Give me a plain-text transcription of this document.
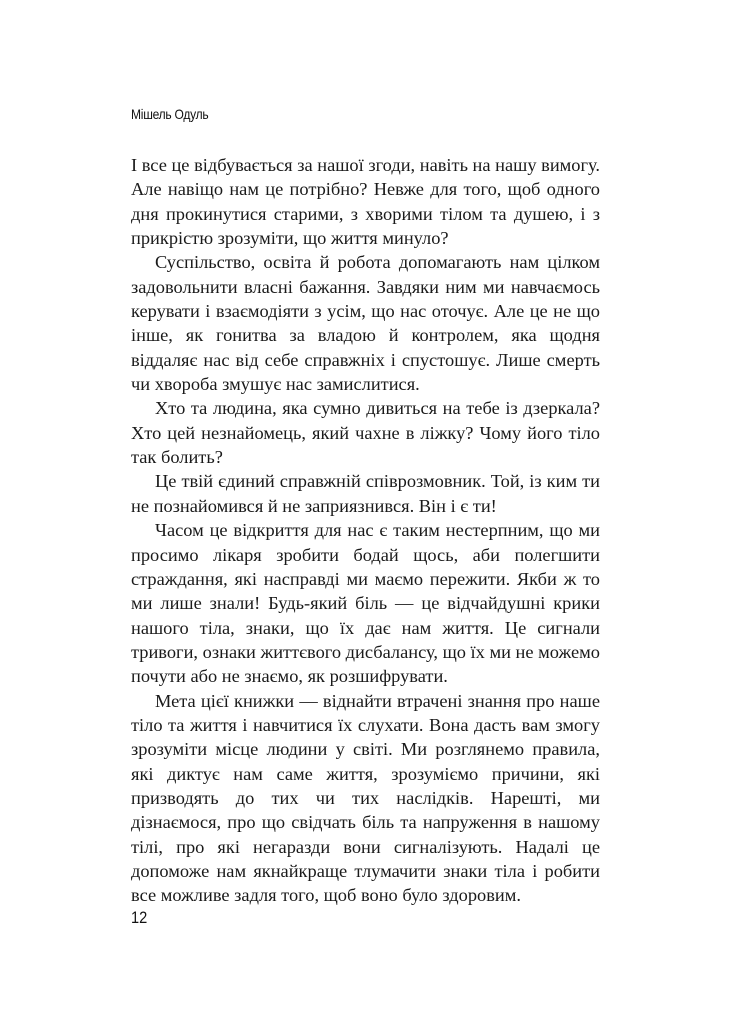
Мішель Одуль

І все це відбувається за нашої згоди, навіть на нашу вимогу. Але навіщо нам це потрібно? Невже для того, щоб одного дня прокинутися старими, з хворими тілом та душею, і з прикрістю зрозуміти, що життя минуло?

Суспільство, освіта й робота допомагають нам цілком задовольнити власні бажання. Завдяки ним ми навчаємось керувати і взаємодіяти з усім, що нас оточує. Але це не що інше, як гонитва за владою й контролем, яка щодня віддаляє нас від себе справжніх і спустошує. Лише смерть чи хвороба змушує нас замислитися.

Хто та людина, яка сумно дивиться на тебе із дзеркала? Хто цей незнайомець, який чахне в ліжку? Чому його тіло так болить?

Це твій єдиний справжній співрозмовник. Той, із ким ти не познайомився й не заприязнився. Він і є ти!

Часом це відкриття для нас є таким нестерпним, що ми просимо лікаря зробити бодай щось, аби полегшити страждання, які насправді ми маємо пережити. Якби ж то ми лише знали! Будь-який біль — це відчайдушні крики нашого тіла, знаки, що їх дає нам життя. Це сигнали тривоги, ознаки життєвого дисбалансу, що їх ми не можемо почути або не знаємо, як розшифрувати.

Мета цієї книжки — віднайти втрачені знання про наше тіло та життя і навчитися їх слухати. Вона дасть вам змогу зрозуміти місце людини у світі. Ми розглянемо правила, які диктує нам саме життя, зрозуміємо причини, які призводять до тих чи тих наслідків. Нарешті, ми дізнаємося, про що свідчать біль та напруження в нашому тілі, про які негаразди вони сигналізують. Надалі це допоможе нам якнайкраще тлумачити знаки тіла і робити все можливе задля того, щоб воно було здоровим.

12
